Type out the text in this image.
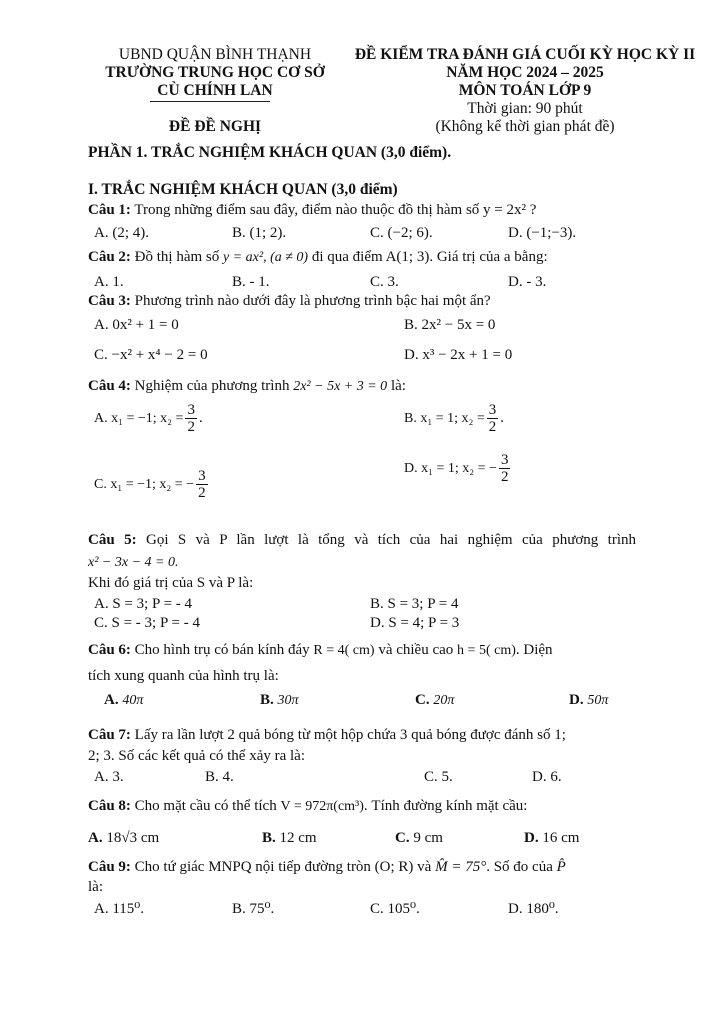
UBND QUẬN BÌNH THẠNH
TRƯỜNG TRUNG HỌC CƠ SỞ
CÙ CHÍNH LAN
ĐỀ ĐỀ NGHỊ
ĐỀ KIỂM TRA ĐÁNH GIÁ CUỐI KỲ HỌC KỲ II
NĂM HỌC 2024 – 2025
MÔN TOÁN LỚP 9
Thời gian: 90 phút
(Không kể thời gian phát đề)
PHẦN 1. TRẮC NGHIỆM KHÁCH QUAN (3,0 điểm).
I. TRẮC NGHIỆM KHÁCH QUAN (3,0 điểm)
Câu 1: Trong những điểm sau đây, điểm nào thuộc đồ thị hàm số y = 2x² ?
A. (2; 4).	B. (1; 2).	C. (−2; 6).	D. (−1;−3).
Câu 2: Đồ thị hàm số y = ax², (a ≠ 0) đi qua điểm A(1; 3). Giá trị của a bằng:
A. 1.	B. - 1.	C. 3.	D. - 3.
Câu 3: Phương trình nào dưới đây là phương trình bậc hai một ẩn?
A. 0x² + 1 = 0	B. 2x² − 5x = 0
C. −x² + x⁴ − 2 = 0	D. x³ − 2x + 1 = 0
Câu 4: Nghiệm của phương trình 2x² − 5x + 3 = 0 là:
A. x₁ = −1; $x_2 = \frac{3}{2}$ .	B. x₁ = 1; $x_2 = \frac{3}{2}$ .
C. x₁ = −1; x₂ = − $\frac{3}{2}$	D. x₁ = 1; x₂ = − $\frac{3}{2}$
Câu 5: Gọi S và P lần lượt là tổng và tích của hai nghiệm của phương trình
x² − 3x − 4 = 0.
Khi đó giá trị của S và P là:
A. S = 3; P = - 4	B. S = 3; P = 4
C. S = - 3; P = - 4	D. S = 4; P = 3
Câu 6: Cho hình trụ có bán kính đáy R = 4( cm) và chiều cao h = 5( cm). Diện
tích xung quanh của hình trụ là:
A. 40π	B. 30π	C. 20π	D. 50π
Câu 7: Lấy ra lần lượt 2 quả bóng từ một hộp chứa 3 quả bóng được đánh số 1;
2; 3. Số các kết quả có thể xảy ra là:
A. 3.	B. 4.	C. 5.	D. 6.
Câu 8: Cho mặt cầu có thể tích V = 972π(cm³). Tính đường kính mặt cầu:
A. 18√3 cm	B. 12 cm	C. 9 cm	D. 16 cm
Câu 9: Cho tứ giác MNPQ nội tiếp đường tròn (O; R) và M̂ = 75°. Số đo của P̂
là:
A. 115⁰.	B. 75⁰.	C. 105⁰.	D. 180⁰.
